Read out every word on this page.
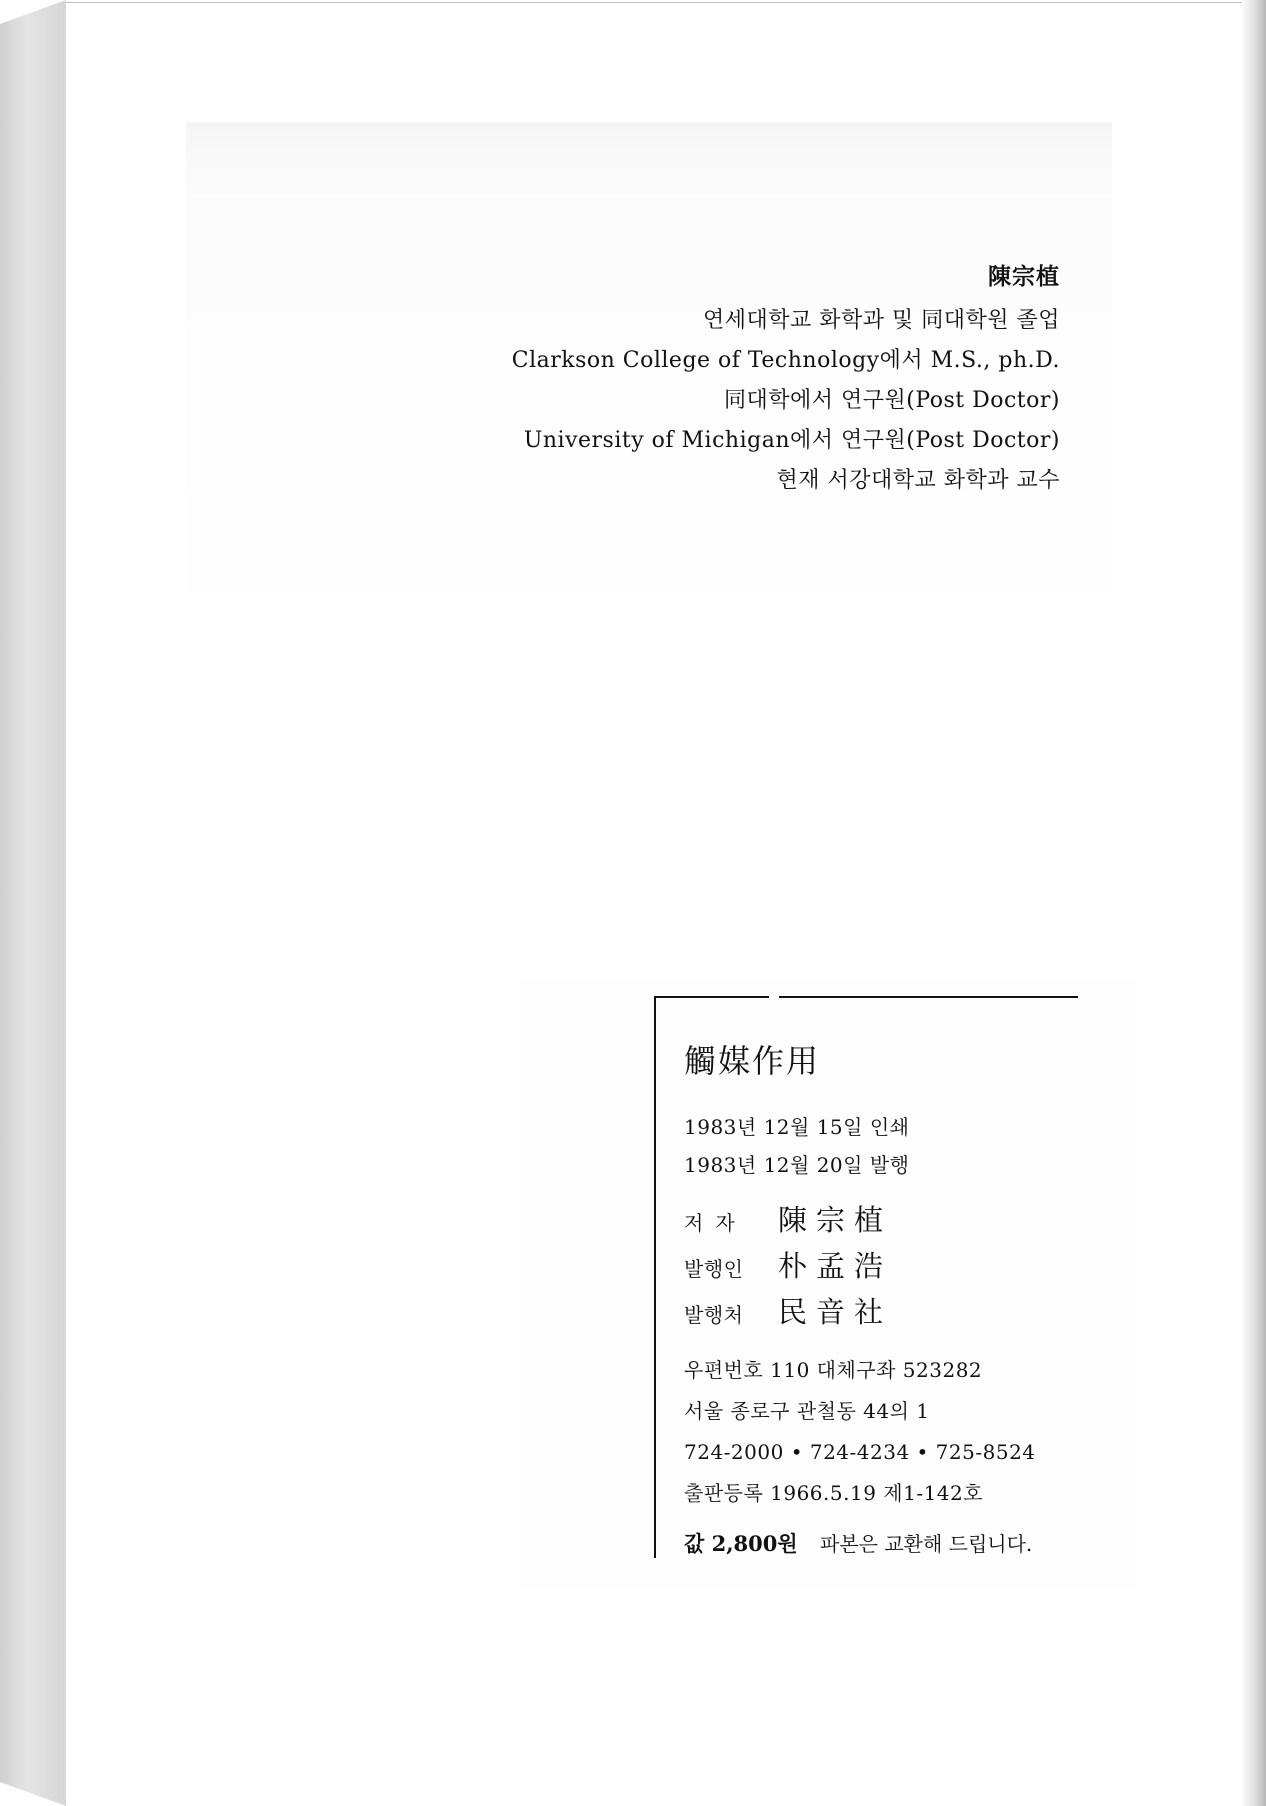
陳宗植
연세대학교 화학과 및 同대학원 졸업
Clarkson College of Technology에서 M.S., ph.D.
同대학에서 연구원(Post Doctor)
University of Michigan에서 연구원(Post Doctor)
현재 서강대학교 화학과 교수
觸媒作用
1983년 12월 15일 인쇄
1983년 12월 20일 발행
저자	陳宗植
발행인	朴孟浩
발행처	民音社
우편번호 110 대체구좌 523282
서울 종로구 관철동 44의 1
724-2000 • 724-4234 • 725-8524
출판등록 1966.5.19 제1-142호
값 2,800원 파본은 교환해 드립니다.
